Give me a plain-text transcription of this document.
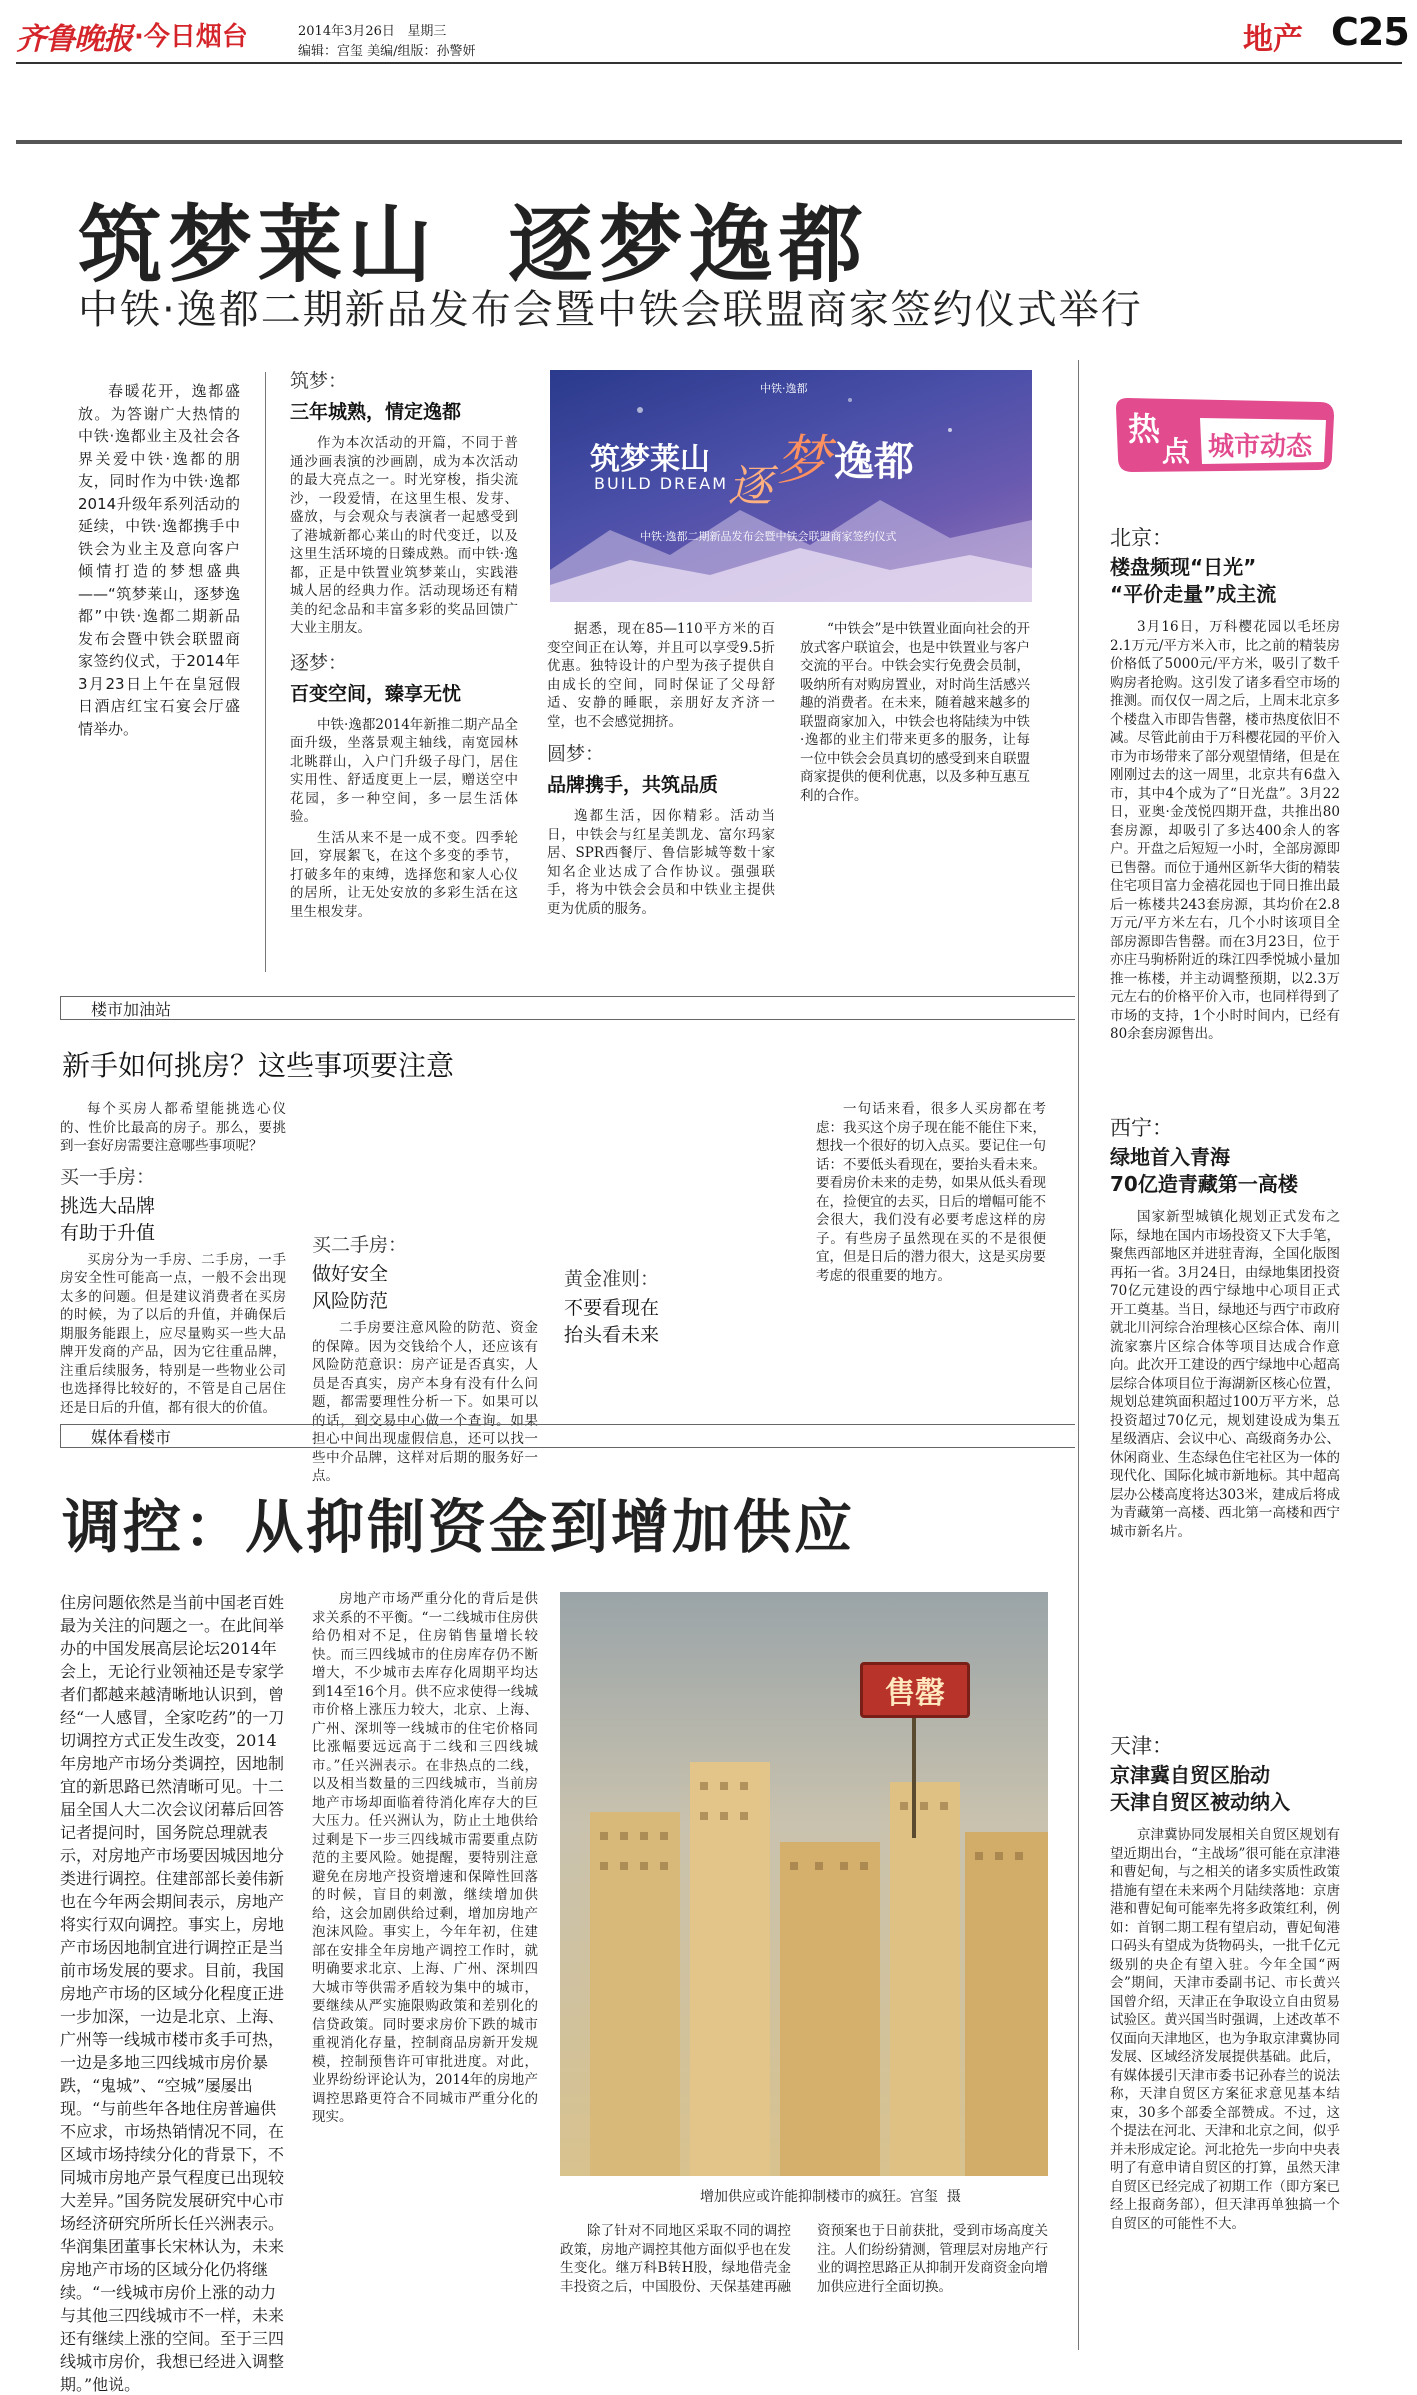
齐鲁晚报 ·今日烟台	2014年3月26日 星期三
编辑：宫玺 美编/组版：孙警妍	地产 C25
筑梦莱山  逐梦逸都
中铁·逸都二期新品发布会暨中铁会联盟商家签约仪式举行
春暖花开，逸都盛放。为答谢广大热情的中铁·逸都业主及社会各界关爱中铁·逸都的朋友，同时作为中铁·逸都2014升级年系列活动的延续，中铁·逸都携手中铁会为业主及意向客户倾情打造的梦想盛典——“筑梦莱山，逐梦逸都”中铁·逸都二期新品发布会暨中铁会联盟商家签约仪式，于2014年3月23日上午在皇冠假日酒店红宝石宴会厅盛情举办。
筑梦：
三年城熟，情定逸都

作为本次活动的开篇，不同于普通沙画表演的沙画剧，成为本次活动的最大亮点之一。时光穿梭，指尖流沙，一段爱情，在这里生根、发芽、盛放，与会观众与表演者一起感受到了港城新都心莱山的时代变迁，以及这里生活环境的日臻成熟。而中铁·逸都，正是中铁置业筑梦莱山，实践港城人居的经典力作。活动现场还有精美的纪念品和丰富多彩的奖品回馈广大业主朋友。

逐梦：
百变空间，臻享无忧

中铁·逸都2014年新推二期产品全面升级，坐落景观主轴线，南宽园林北眺群山，入户门升级子母门，居住实用性、舒适度更上一层，赠送空中花园，多一种空间，多一层生活体验。

生活从来不是一成不变。四季轮回，穿展絮飞，在这个多变的季节，打破多年的束缚，选择您和家人心仪的居所，让无处安放的多彩生活在这里生根发芽。

中铁·逸都
筑梦莱山
BUILD DREAM 逐 梦 逸都
中铁·逸都二期新品发布会暨中铁会联盟商家签约仪式

据悉，现在85—110平方米的百变空间正在认筹，并且可以享受9.5折优惠。独特设计的户型为孩子提供自由成长的空间，同时保证了父母舒适、安静的睡眠，亲朋好友齐济一堂，也不会感觉拥挤。

圆梦：
品牌携手，共筑品质

逸都生活，因你精彩。活动当日，中铁会与红星美凯龙、富尔玛家居、SPR西餐厅、鲁信影城等数十家知名企业达成了合作协议。强强联手，将为中铁会会员和中铁业主提供更为优质的服务。

“中铁会”是中铁置业面向社会的开放式客户联谊会，也是中铁置业与客户交流的平台。中铁会实行免费会员制，吸纳所有对购房置业，对时尚生活感兴趣的消费者。在未来，随着越来越多的联盟商家加入，中铁会也将陆续为中铁·逸都的业主们带来更多的服务，让每一位中铁会会员真切的感受到来自联盟商家提供的便利优惠，以及多种互惠互利的合作。

热
点 城市动态
北京：
楼盘频现“日光”
“平价走量”成主流
3月16日，万科樱花园以毛坯房2.1万元/平方米入市，比之前的精装房价格低了5000元/平方米，吸引了数千购房者抢购。这引发了诸多看空市场的推测。而仅仅一周之后，上周末北京多个楼盘入市即告售罄，楼市热度依旧不减。尽管此前由于万科樱花园的平价入市为市场带来了部分观望情绪，但是在刚刚过去的这一周里，北京共有6盘入市，其中4个成为了“日光盘”。3月22日，亚奥·金茂悦四期开盘，共推出80套房源，却吸引了多达400余人的客户。开盘之后短短一小时，全部房源即已售罄。而位于通州区新华大街的精装住宅项目富力金禧花园也于同日推出最后一栋楼共243套房源，其均价在2.8万元/平方米左右，几个小时该项目全部房源即告售罄。而在3月23日，位于亦庄马驹桥附近的珠江四季悦城小量加推一栋楼，并主动调整预期，以2.3万元左右的价格平价入市，也同样得到了市场的支持，1个小时时间内，已经有80余套房源售出。
西宁：
绿地首入青海
70亿造青藏第一高楼
国家新型城镇化规划正式发布之际，绿地在国内市场投资又下大手笔，聚焦西部地区并进驻青海，全国化版图再拓一省。3月24日，由绿地集团投资70亿元建设的西宁绿地中心项目正式开工奠基。当日，绿地还与西宁市政府就北川河综合治理核心区综合体、南川流家寨片区综合体等项目达成合作意向。此次开工建设的西宁绿地中心超高层综合体项目位于海湖新区核心位置，规划总建筑面积超过100万平方米，总投资超过70亿元，规划建设成为集五星级酒店、会议中心、高级商务办公、休闲商业、生态绿色住宅社区为一体的现代化、国际化城市新地标。其中超高层办公楼高度将达303米，建成后将成为青藏第一高楼、西北第一高楼和西宁城市新名片。
天津：
京津冀自贸区胎动
天津自贸区被动纳入
京津冀协同发展相关自贸区规划有望近期出台，“主战场”很可能在京津港和曹妃甸，与之相关的诸多实质性政策措施有望在未来两个月陆续落地：京唐港和曹妃甸可能率先将多政策红利，例如：首钢二期工程有望启动，曹妃甸港口码头有望成为货物码头，一批千亿元级别的央企有望入驻。今年全国“两会”期间，天津市委副书记、市长黄兴国曾介绍，天津正在争取设立自由贸易试验区。黄兴国当时强调，上述改革不仅面向天津地区，也为争取京津冀协同发展、区域经济发展提供基础。此后，有媒体援引天津市委书记孙春兰的说法称，天津自贸区方案征求意见基本结束，30多个部委全部赞成。不过，这个提法在河北、天津和北京之间，似乎并未形成定论。河北抢先一步向中央表明了有意申请自贸区的打算，虽然天津自贸区已经完成了初期工作（即方案已经上报商务部），但天津再单独搞一个自贸区的可能性不大。
楼市加油站
新手如何挑房？这些事项要注意

每个买房人都希望能挑选心仪的、性价比最高的房子。那么，要挑到一套好房需要注意哪些事项呢？

买一手房：
挑选大品牌
有助于升值

买房分为一手房、二手房，一手房安全性可能高一点，一般不会出现太多的问题。但是建议消费者在买房的时候，为了以后的升值，并确保后期服务能跟上，应尽量购买一些大品牌开发商的产品，因为它往重品牌，注重后续服务，特别是一些物业公司也选择得比较好的，不管是自己居住还是日后的升值，都有很大的价值。

买二手房：
做好安全
风险防范

二手房要注意风险的防范、资金的保障。因为交钱给个人，还应该有风险防范意识：房产证是否真实，人员是否真实，房产本身有没有什么问题，都需要理性分析一下。如果可以的话，到交易中心做一个查询。如果担心中间出现虚假信息，还可以找一些中介品牌，这样对后期的服务好一点。

黄金准则：
不要看现在
抬头看未来

一句话来看，很多人买房都在考虑：我买这个房子现在能不能住下来，想找一个很好的切入点买。要记住一句话：不要低头看现在，要抬头看未来。要看房价未来的走势，如果从低头看现在，捡便宜的去买，日后的增幅可能不会很大，我们没有必要考虑这样的房子。有些房子虽然现在买的不是很便宜，但是日后的潜力很大，这是买房要考虑的很重要的地方。

媒体看楼市
调控：从抑制资金到增加供应
住房问题依然是当前中国老百姓最为关注的问题之一。在此间举办的中国发展高层论坛2014年会上，无论行业领袖还是专家学者们都越来越清晰地认识到，曾经“一人感冒，全家吃药”的一刀切调控方式正发生改变，2014年房地产市场分类调控，因地制宜的新思路已然清晰可见。十二届全国人大二次会议闭幕后回答记者提问时，国务院总理就表示，对房地产市场要因城因地分类进行调控。住建部部长姜伟新也在今年两会期间表示，房地产将实行双向调控。事实上，房地产市场因地制宜进行调控正是当前市场发展的要求。目前，我国房地产市场的区域分化程度正进一步加深，一边是北京、上海、广州等一线城市楼市炙手可热，一边是多地三四线城市房价暴跌，“鬼城”、“空城”屡屡出现。“与前些年各地住房普遍供不应求，市场热销情况不同，在区域市场持续分化的背景下，不同城市房地产景气程度已出现较大差异。”国务院发展研究中心市场经济研究所所长任兴洲表示。华润集团董事长宋林认为，未来房地产市场的区域分化仍将继续。“一线城市房价上涨的动力与其他三四线城市不一样，未来还有继续上涨的空间。至于三四线城市房价，我想已经进入调整期。”他说。
房地产市场严重分化的背后是供求关系的不平衡。“一二线城市住房供给仍相对不足，住房销售量增长较快。而三四线城市的住房库存仍不断增大，不少城市去库存化周期平均达到14至16个月。供不应求使得一线城市价格上涨压力较大，北京、上海、广州、深圳等一线城市的住宅价格同比涨幅要远远高于二线和三四线城市。”任兴洲表示。在非热点的二线，以及相当数量的三四线城市，当前房地产市场却面临着待消化库存大的巨大压力。任兴洲认为，防止土地供给过剩是下一步三四线城市需要重点防范的主要风险。她提醒，要特别注意避免在房地产投资增速和保障性回落的时候，盲目的刺激，继续增加供给，这会加剧供给过剩，增加房地产泡沫风险。事实上，今年年初，住建部在安排全年房地产调控工作时，就明确要求北京、上海、广州、深圳四大城市等供需矛盾较为集中的城市，要继续从严实施限购政策和差别化的信贷政策。同时要求房价下跌的城市重视消化存量，控制商品房新开发规模，控制预售许可审批进度。对此，业界纷纷评论认为，2014年的房地产调控思路更符合不同城市严重分化的现实。
售罄
增加供应或许能抑制楼市的疯狂。宫玺  摄
除了针对不同地区采取不同的调控政策，房地产调控其他方面似乎也在发生变化。继万科B转H股，绿地借壳金丰投资之后，中国股份、天保基建再融资预案也于日前获批，受到市场高度关注。人们纷纷猜测，管理层对房地产行业的调控思路正从抑制开发商资金向增加供应进行全面切换。
